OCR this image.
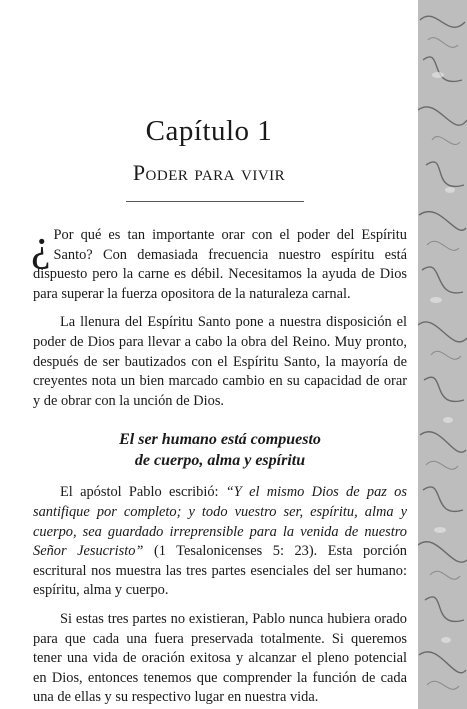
Capítulo 1
Poder para vivir

¿ Por qué es tan importante orar con el poder del Espíritu Santo? Con demasiada frecuencia nuestro espíritu está dispuesto pero la carne es débil. Necesitamos la ayuda de Dios para superar la fuerza opositora de la naturaleza carnal.

La llenura del Espíritu Santo pone a nuestra disposición el poder de Dios para llevar a cabo la obra del Reino. Muy pronto, después de ser bautizados con el Espíritu Santo, la mayoría de creyentes nota un bien marcado cambio en su capacidad de orar y de obrar con la unción de Dios.

El ser humano está compuesto
de cuerpo, alma y espíritu

El apóstol Pablo escribió: “Y el mismo Dios de paz os santifique por completo; y todo vuestro ser, espíritu, alma y cuerpo, sea guardado irreprensible para la venida de nuestro Señor Jesucristo” (1 Tesalonicenses 5: 23). Esta porción escritural nos muestra las tres partes esenciales del ser humano: espíritu, alma y cuerpo.

Si estas tres partes no existieran, Pablo nunca hubiera orado para que cada una fuera preservada totalmente. Si queremos tener una vida de oración exitosa y alcanzar el pleno potencial en Dios, entonces tenemos que comprender la función de cada una de ellas y su respectivo lugar en nuestra vida.
